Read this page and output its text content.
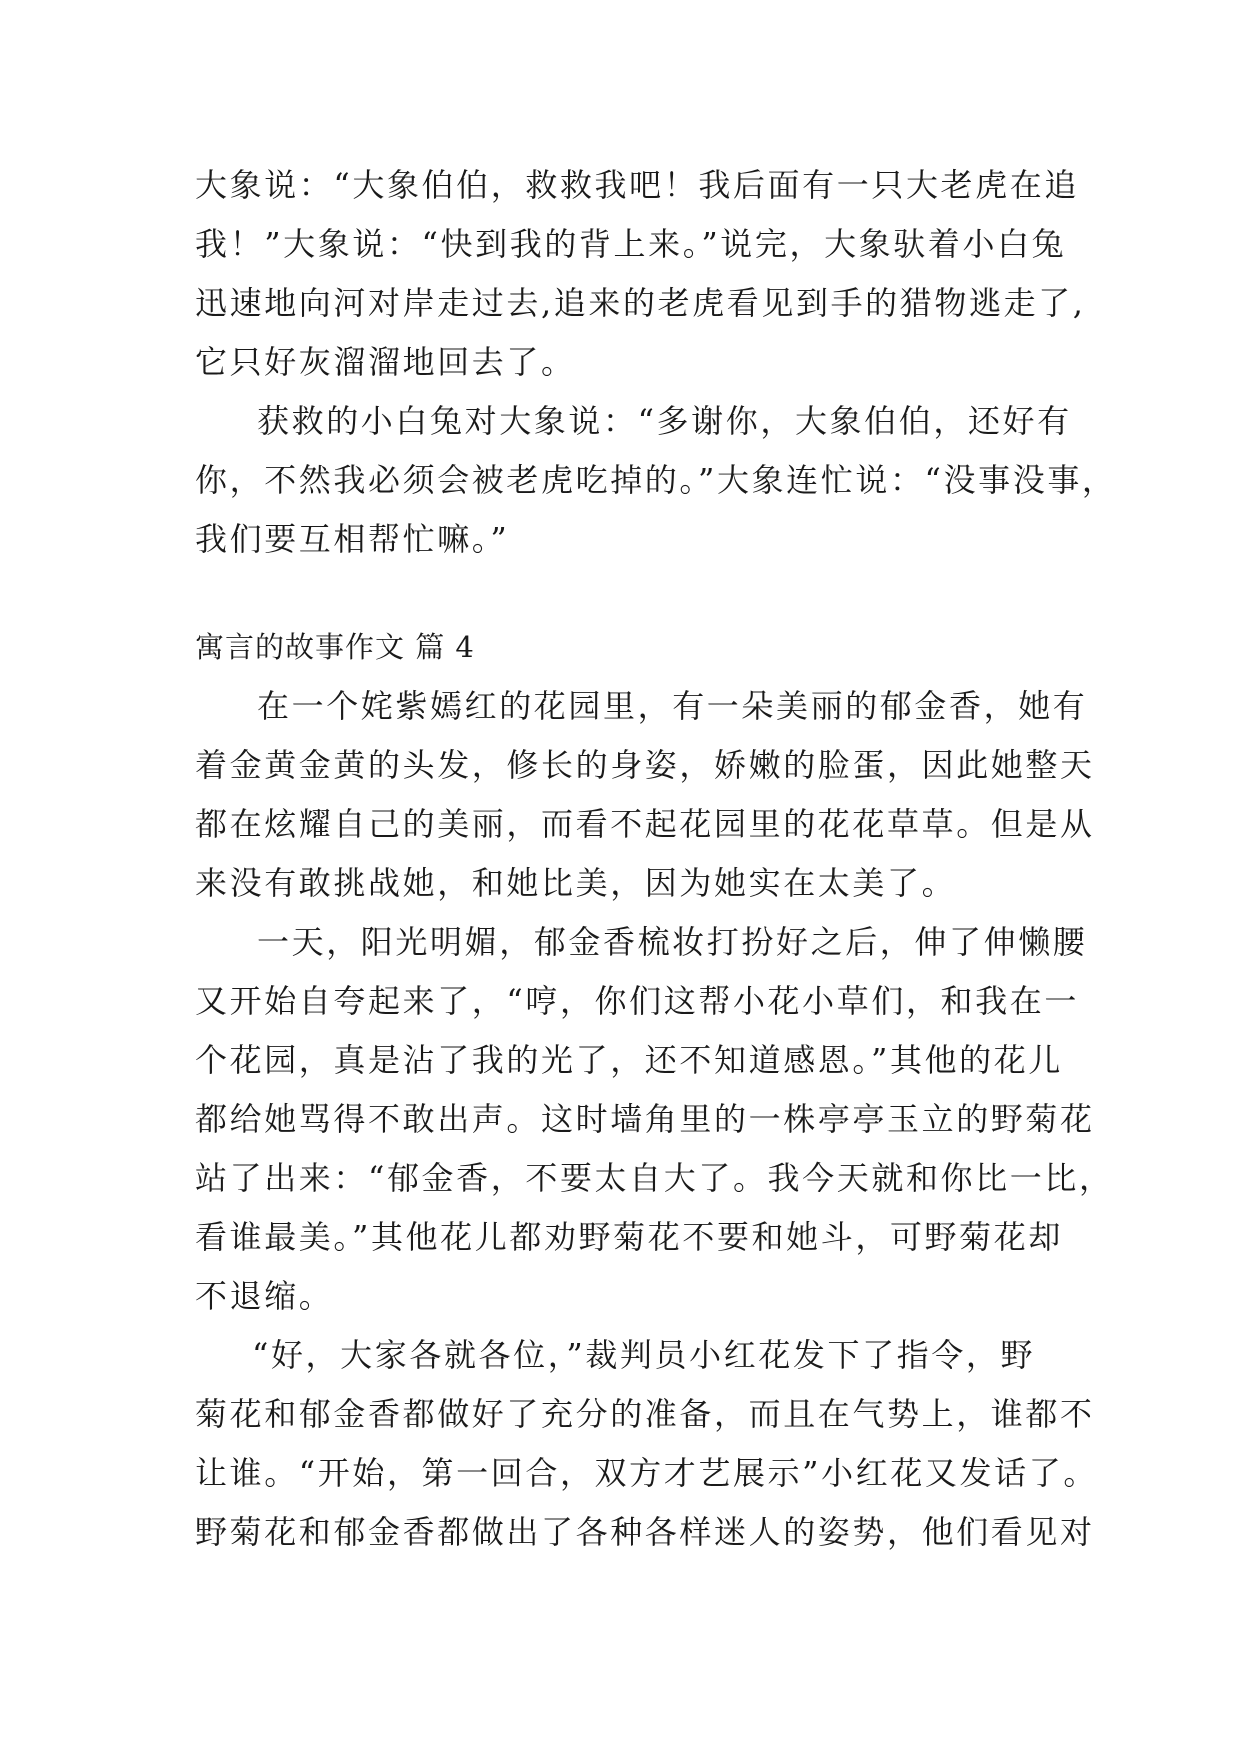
大象说：“大象伯伯，救救我吧！我后面有一只大老虎在追
我！”大象说：“快到我的背上来。”说完，大象驮着小白兔
迅速地向河对岸走过去,追来的老虎看见到手的猎物逃走了,
它只好灰溜溜地回去了。
获救的小白兔对大象说：“多谢你，大象伯伯，还好有
你，不然我必须会被老虎吃掉的。”大象连忙说：“没事没事，
我们要互相帮忙嘛。”
寓言的故事作文 篇 4
在一个姹紫嫣红的花园里，有一朵美丽的郁金香，她有
着金黄金黄的头发，修长的身姿，娇嫩的脸蛋，因此她整天
都在炫耀自己的美丽，而看不起花园里的花花草草。但是从
来没有敢挑战她，和她比美，因为她实在太美了。
一天，阳光明媚，郁金香梳妆打扮好之后，伸了伸懒腰
又开始自夸起来了，“哼，你们这帮小花小草们，和我在一
个花园，真是沾了我的光了，还不知道感恩。”其他的花儿
都给她骂得不敢出声。这时墙角里的一株亭亭玉立的野菊花
站了出来：“郁金香，不要太自大了。我今天就和你比一比，
看谁最美。”其他花儿都劝野菊花不要和她斗，可野菊花却
不退缩。
“好，大家各就各位，”裁判员小红花发下了指令，野
菊花和郁金香都做好了充分的准备，而且在气势上，谁都不
让谁。“开始，第一回合，双方才艺展示”小红花又发话了。
野菊花和郁金香都做出了各种各样迷人的姿势，他们看见对
